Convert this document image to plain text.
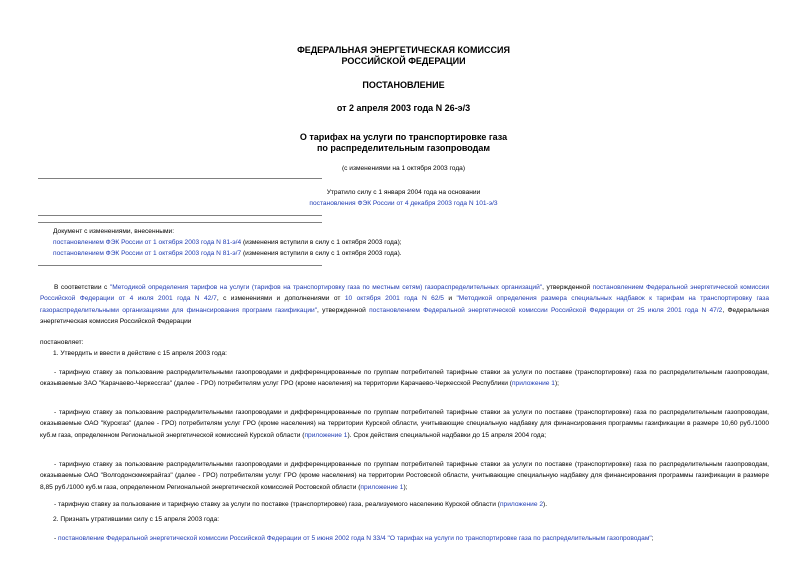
ФЕДЕРАЛЬНАЯ ЭНЕРГЕТИЧЕСКАЯ КОМИССИЯ
РОССИЙСКОЙ ФЕДЕРАЦИИ
ПОСТАНОВЛЕНИЕ
от 2 апреля 2003 года N 26-э/3
О тарифах на услуги по транспортировке газа
по распределительным газопроводам
(с изменениями на 1 октября 2003 года)
Утратило силу с 1 января 2004 года на основании
постановления ФЭК России от 4 декабря 2003 года N 101-э/3
Документ с изменениями, внесенными:
постановлением ФЭК России от 1 октября 2003 года N 81-э/4 (изменения вступили в силу с 1 октября 2003 года);
постановлением ФЭК России от 1 октября 2003 года N 81-э/7 (изменения вступили в силу с 1 октября 2003 года).
В соответствии с "Методикой определения тарифов на услуги (тарифов на транспортировку газа по местным сетям) газораспределительных организаций", утвержденной постановлением Федеральной энергетической комиссии Российской Федерации от 4 июля 2001 года N 42/7, с изменениями и дополнениями от 10 октября 2001 года N 62/5 и "Методикой определения размера специальных надбавок к тарифам на транспортировку газа газораспределительными организациями для финансирования программ газификации", утвержденной постановлением Федеральной энергетической комиссии Российской Федерации от 25 июля 2001 года N 47/2, Федеральная энергетическая комиссия Российской Федерации
постановляет:
1. Утвердить и ввести в действие с 15 апреля 2003 года:
- тарифную ставку за пользование распределительными газопроводами и дифференцированные по группам потребителей тарифные ставки за услуги по поставке (транспортировке) газа по распределительным газопроводам, оказываемые ЗАО "Карачаево-Черкессгаз" (далее - ГРО) потребителям услуг ГРО (кроме населения) на территории Карачаево-Черкесской Республики (приложение 1);
- тарифную ставку за пользование распределительными газопроводами и дифференцированные по группам потребителей тарифные ставки за услуги по поставке (транспортировке) газа по распределительным газопроводам, оказываемые ОАО "Курскгаз" (далее - ГРО) потребителям услуг ГРО (кроме населения) на территории Курской области, учитывающие специальную надбавку для финансирования программы газификации в размере 10,60 руб./1000 куб.м газа, определенном Региональной энергетической комиссией Курской области (приложение 1). Срок действия специальной надбавки до 15 апреля 2004 года;
- тарифную ставку за пользование распределительными газопроводами и дифференцированные по группам потребителей тарифные ставки за услуги по поставке (транспортировке) газа по распределительным газопроводам, оказываемые ОАО "Волгодонскмежрайгаз" (далее - ГРО) потребителям услуг ГРО (кроме населения) на территории Ростовской области, учитывающие специальную надбавку для финансирования программы газификации в размере 8,85 руб./1000 куб.м газа, определенном Региональной энергетической комиссией Ростовской области (приложение 1);
- тарифную ставку за пользование и тарифную ставку за услуги по поставке (транспортировке) газа, реализуемого населению Курской области (приложение 2).
2. Признать утратившими силу с 15 апреля 2003 года:
- постановление Федеральной энергетической комиссии Российской Федерации от 5 июня 2002 года N 33/4 "О тарифах на услуги по транспортировке газа по распределительным газопроводам";
